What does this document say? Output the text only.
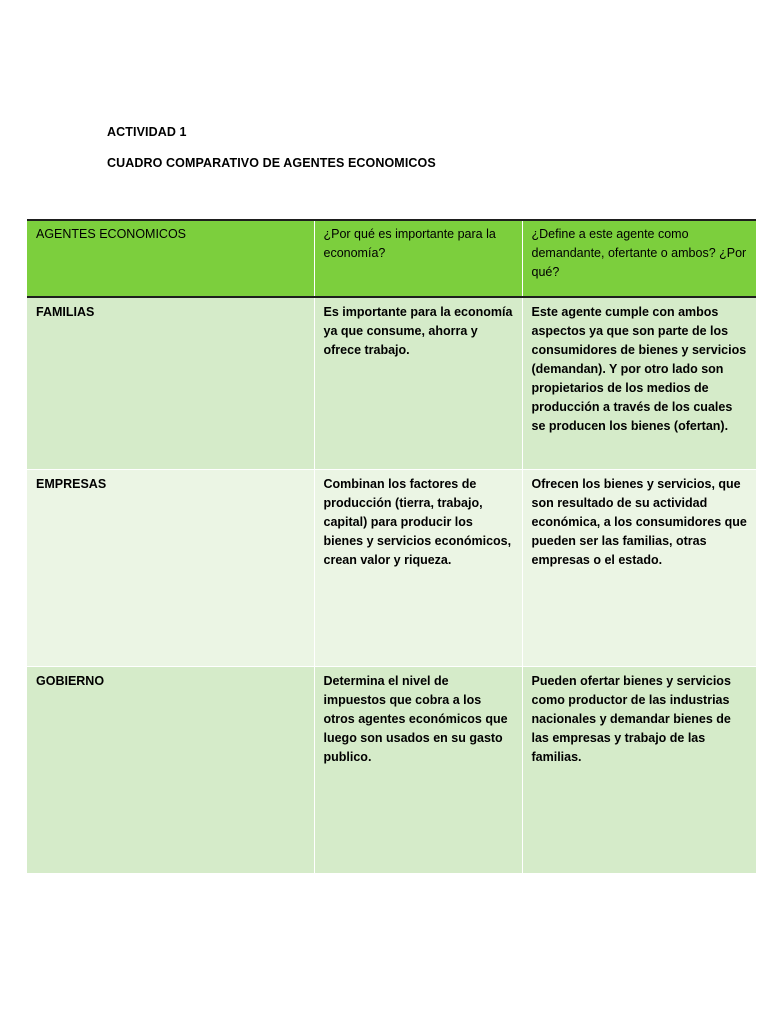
ACTIVIDAD 1
CUADRO COMPARATIVO DE AGENTES ECONOMICOS
AGENTES ECONOMICOS	¿Por qué es importante para la economía?	¿Define a este agente como demandante, ofertante o ambos? ¿Por qué?
FAMILIAS	Es importante para la economía ya que consume, ahorra y ofrece trabajo.	Este agente cumple con ambos aspectos ya que son parte de los consumidores de bienes y servicios (demandan). Y por otro lado son propietarios de los medios de producción a través de los cuales se producen los bienes (ofertan).
EMPRESAS	Combinan los factores de producción (tierra, trabajo, capital) para producir los bienes y servicios económicos, crean valor y riqueza.	Ofrecen los bienes y servicios, que son resultado de su actividad económica, a los consumidores que pueden ser las familias, otras empresas o el estado.
GOBIERNO	Determina el nivel de impuestos que cobra a los otros agentes económicos que luego son usados en su gasto publico.	Pueden ofertar bienes y servicios como productor de las industrias nacionales y demandar bienes de las empresas y trabajo de las familias.
